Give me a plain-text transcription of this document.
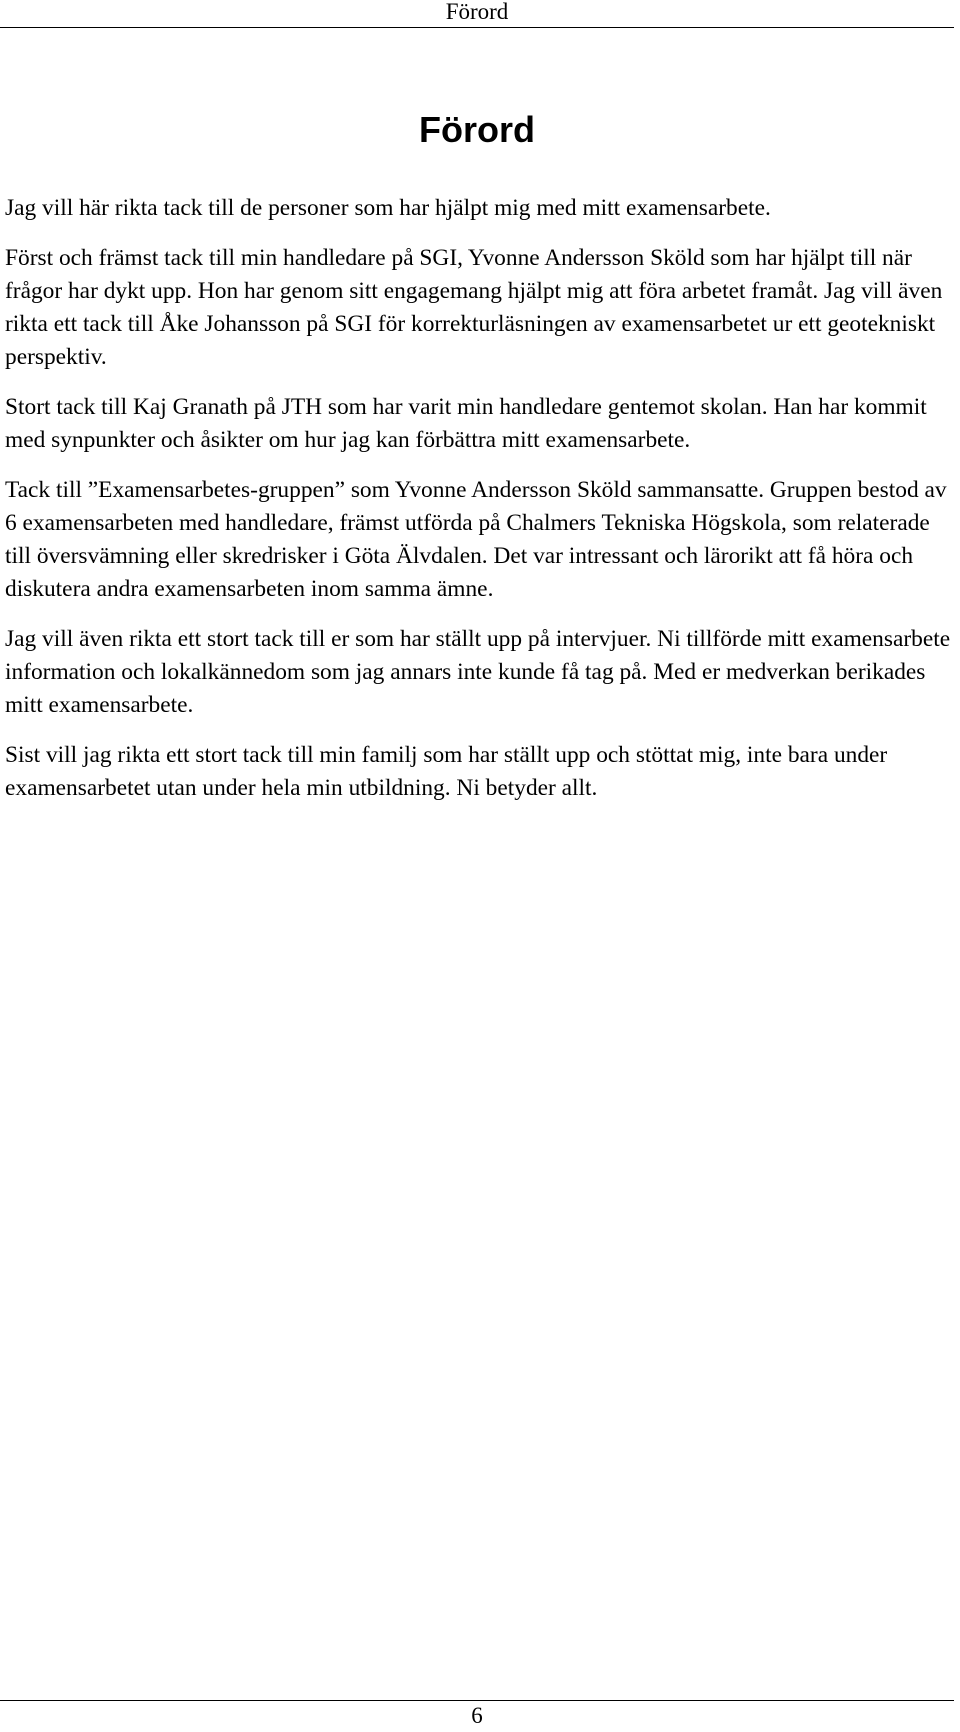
Förord
Förord

Jag vill här rikta tack till de personer som har hjälpt mig med mitt examensarbete.

Först och främst tack till min handledare på SGI, Yvonne Andersson Sköld som har hjälpt till när frågor har dykt upp. Hon har genom sitt engagemang hjälpt mig att föra arbetet framåt. Jag vill även rikta ett tack till Åke Johansson på SGI för korrekturläsningen av examensarbetet ur ett geotekniskt perspektiv.

Stort tack till Kaj Granath på JTH som har varit min handledare gentemot skolan. Han har kommit med synpunkter och åsikter om hur jag kan förbättra mitt examensarbete.

Tack till ”Examensarbetes-gruppen” som Yvonne Andersson Sköld sammansatte. Gruppen bestod av 6 examensarbeten med handledare, främst utförda på Chalmers Tekniska Högskola, som relaterade till översvämning eller skredrisker i Göta Älvdalen. Det var intressant och lärorikt att få höra och diskutera andra examensarbeten inom samma ämne.

Jag vill även rikta ett stort tack till er som har ställt upp på intervjuer. Ni tillförde mitt examensarbete information och lokalkännedom som jag annars inte kunde få tag på. Med er medverkan berikades mitt examensarbete.

Sist vill jag rikta ett stort tack till min familj som har ställt upp och stöttat mig, inte bara under examensarbetet utan under hela min utbildning. Ni betyder allt.

6
